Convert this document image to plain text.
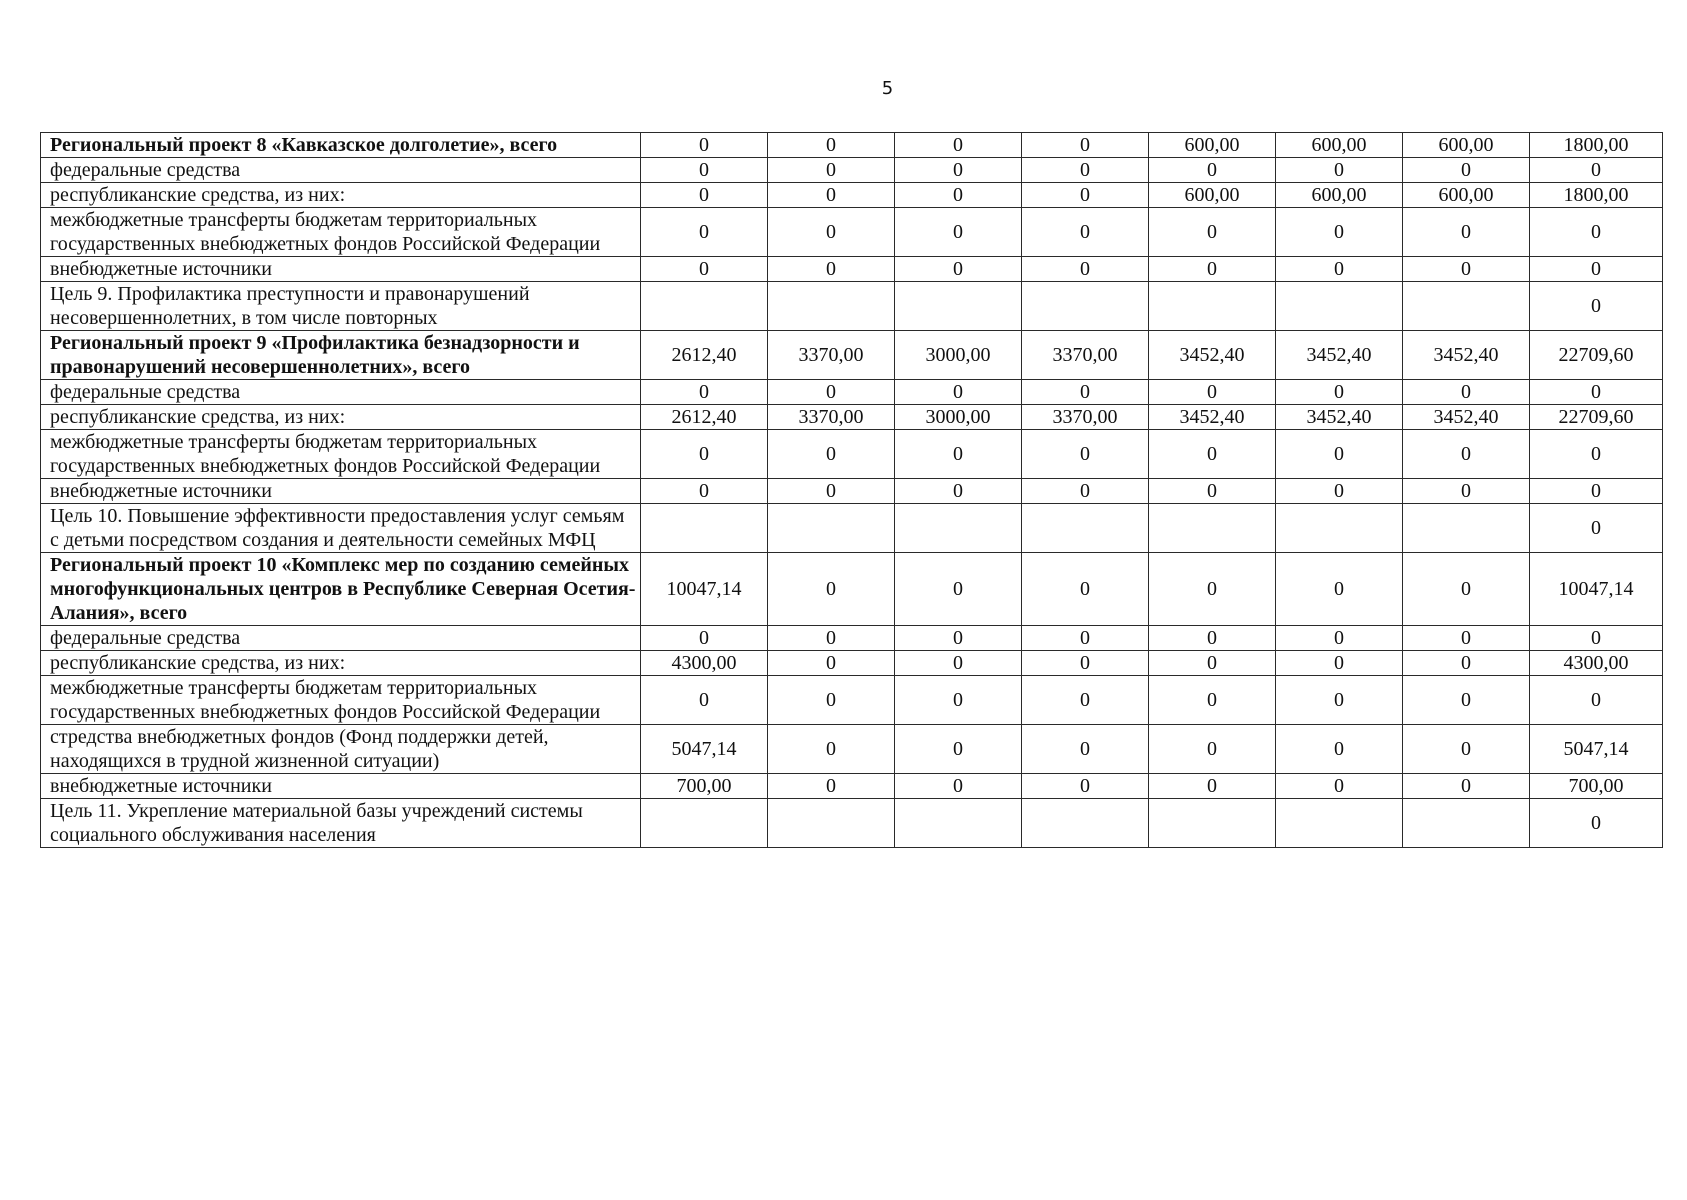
5
Региональный проект 8 «Кавказское долголетие», всего	0	0	0	0	600,00	600,00	600,00	1800,00
федеральные средства	0	0	0	0	0	0	0	0
республиканские средства, из них:	0	0	0	0	600,00	600,00	600,00	1800,00
межбюджетные трансферты бюджетам территориальных государственных внебюджетных фондов Российской Федерации	0	0	0	0	0	0	0	0
внебюджетные источники	0	0	0	0	0	0	0	0
Цель 9. Профилактика преступности и правонарушений несовершеннолетних, в том числе повторных								0
Региональный проект 9 «Профилактика безнадзорности и правонарушений несовершеннолетних», всего	2612,40	3370,00	3000,00	3370,00	3452,40	3452,40	3452,40	22709,60
федеральные средства	0	0	0	0	0	0	0	0
республиканские средства, из них:	2612,40	3370,00	3000,00	3370,00	3452,40	3452,40	3452,40	22709,60
межбюджетные трансферты бюджетам территориальных государственных внебюджетных фондов Российской Федерации	0	0	0	0	0	0	0	0
внебюджетные источники	0	0	0	0	0	0	0	0
Цель 10. Повышение эффективности предоставления услуг семьям с детьми посредством создания и деятельности семейных МФЦ								0
Региональный проект 10 «Комплекс мер по созданию семейных многофункциональных центров в Республике Северная Осетия-Алания», всего	10047,14	0	0	0	0	0	0	10047,14
федеральные средства	0	0	0	0	0	0	0	0
республиканские средства, из них:	4300,00	0	0	0	0	0	0	4300,00
межбюджетные трансферты бюджетам территориальных государственных внебюджетных фондов Российской Федерации	0	0	0	0	0	0	0	0
стредства внебюджетных фондов (Фонд поддержки детей, находящихся в трудной жизненной ситуации)	5047,14	0	0	0	0	0	0	5047,14
внебюджетные источники	700,00	0	0	0	0	0	0	700,00
Цель 11. Укрепление материальной базы учреждений системы социального обслуживания населения								0
